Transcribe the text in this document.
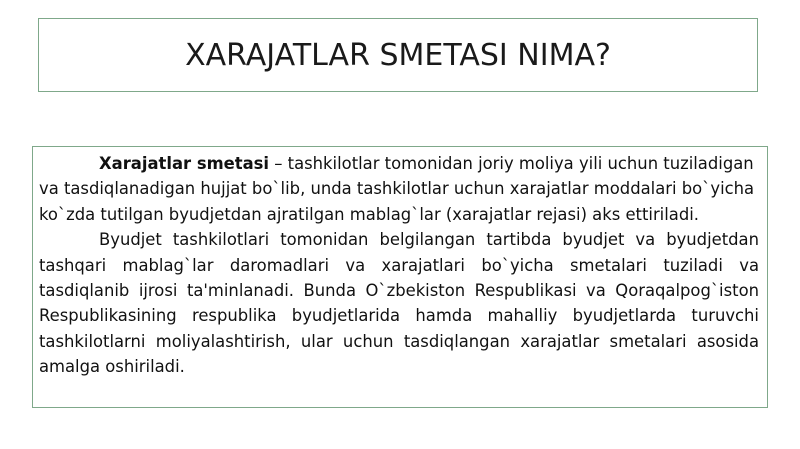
XARAJATLAR SMETASI NIMA?

Xarajatlar smetasi – tashkilotlar tomonidan joriy moliya yili uchun tuziladigan va tasdiqlanadigan hujjat bo`lib, unda tashkilotlar uchun xarajatlar moddalari bo`yicha ko`zda tutilgan byudjetdan ajratilgan mablag`lar (xarajatlar rejasi) aks ettiriladi.

Byudjet tashkilotlari tomonidan belgilangan tartibda byudjet va byudjetdan tashqari mablag`lar daromadlari va xarajatlari bo`yicha smetalari tuziladi va tasdiqlanib ijrosi ta'minlanadi. Bunda O`zbekiston Respublikasi va Qoraqalpog`iston Respublikasining respublika byudjetlarida hamda mahalliy byudjetlarda turuvchi tashkilotlarni moliyalashtirish, ular uchun tasdiqlangan xarajatlar smetalari asosida amalga oshiriladi.
